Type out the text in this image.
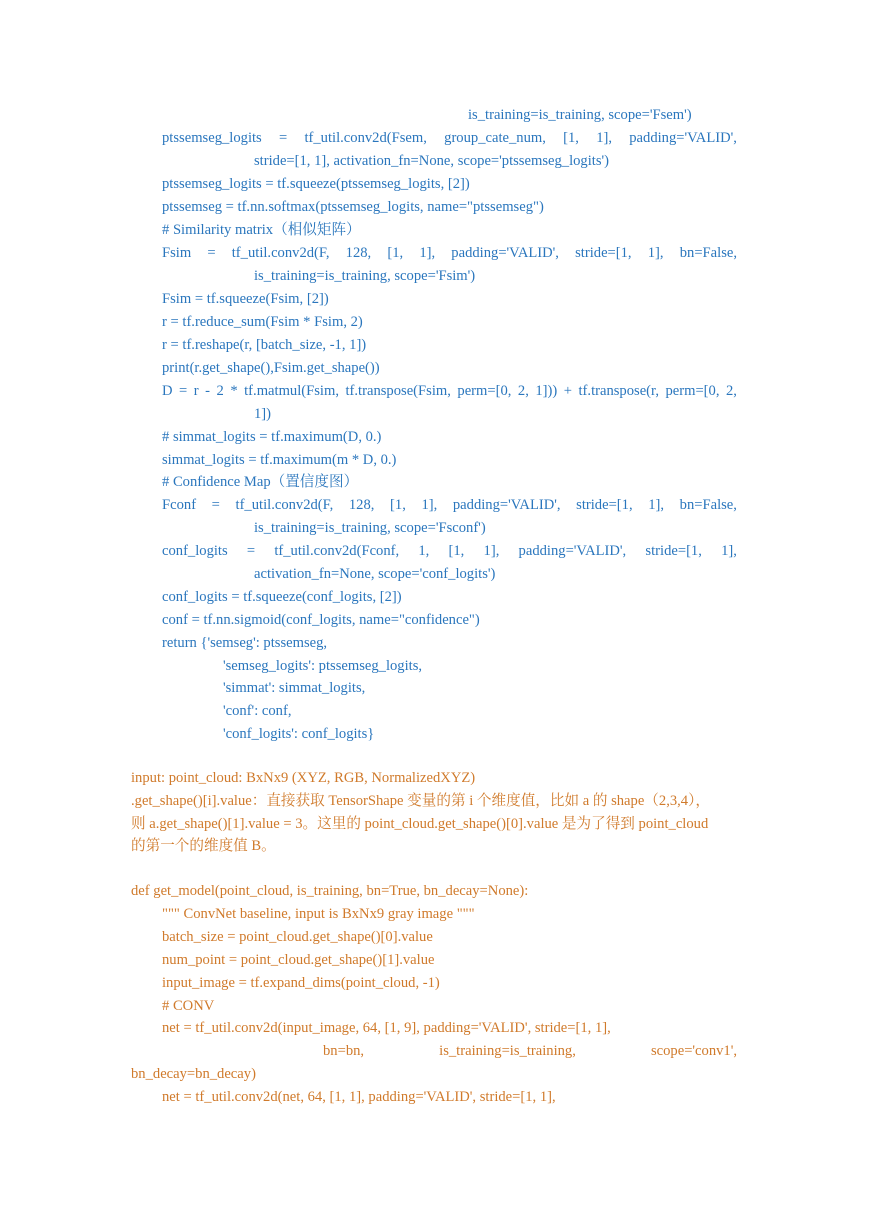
is_training=is_training, scope='Fsem')
ptssemseg_logits = tf_util.conv2d(Fsem, group_cate_num, [1, 1], padding='VALID',
stride=[1, 1], activation_fn=None, scope='ptssemseg_logits')
ptssemseg_logits = tf.squeeze(ptssemseg_logits, [2])
ptssemseg = tf.nn.softmax(ptssemseg_logits, name="ptssemseg")
# Similarity matrix（相似矩阵）
Fsim = tf_util.conv2d(F, 128, [1, 1], padding='VALID', stride=[1, 1], bn=False,
is_training=is_training, scope='Fsim')
Fsim = tf.squeeze(Fsim, [2])
r = tf.reduce_sum(Fsim * Fsim, 2)
r = tf.reshape(r, [batch_size, -1, 1])
print(r.get_shape(),Fsim.get_shape())
D = r - 2 * tf.matmul(Fsim, tf.transpose(Fsim, perm=[0, 2, 1])) + tf.transpose(r, perm=[0, 2,
1])
# simmat_logits = tf.maximum(D, 0.)
simmat_logits = tf.maximum(m * D, 0.)
# Confidence Map（置信度图）
Fconf = tf_util.conv2d(F, 128, [1, 1], padding='VALID', stride=[1, 1], bn=False,
is_training=is_training, scope='Fsconf')
conf_logits = tf_util.conv2d(Fconf, 1, [1, 1], padding='VALID', stride=[1, 1],
activation_fn=None, scope='conf_logits')
conf_logits = tf.squeeze(conf_logits, [2])
conf = tf.nn.sigmoid(conf_logits, name="confidence")
return {'semseg': ptssemseg,
'semseg_logits': ptssemseg_logits,
'simmat': simmat_logits,
'conf': conf,
'conf_logits': conf_logits}
input: point_cloud: BxNx9 (XYZ, RGB, NormalizedXYZ)
.get_shape()[i].value：直接获取 TensorShape 变量的第 i 个维度值，比如 a 的 shape（2,3,4），
则 a.get_shape()[1].value = 3。这里的 point_cloud.get_shape()[0].value 是为了得到 point_cloud
的第一个的维度值 B。
def get_model(point_cloud, is_training, bn=True, bn_decay=None):
""" ConvNet baseline, input is BxNx9 gray image """
batch_size = point_cloud.get_shape()[0].value
num_point = point_cloud.get_shape()[1].value
input_image = tf.expand_dims(point_cloud, -1)
# CONV
net = tf_util.conv2d(input_image, 64, [1, 9], padding='VALID', stride=[1, 1],
bn=bn,	is_training=is_training,	scope='conv1',
bn_decay=bn_decay)
net = tf_util.conv2d(net, 64, [1, 1], padding='VALID', stride=[1, 1],
